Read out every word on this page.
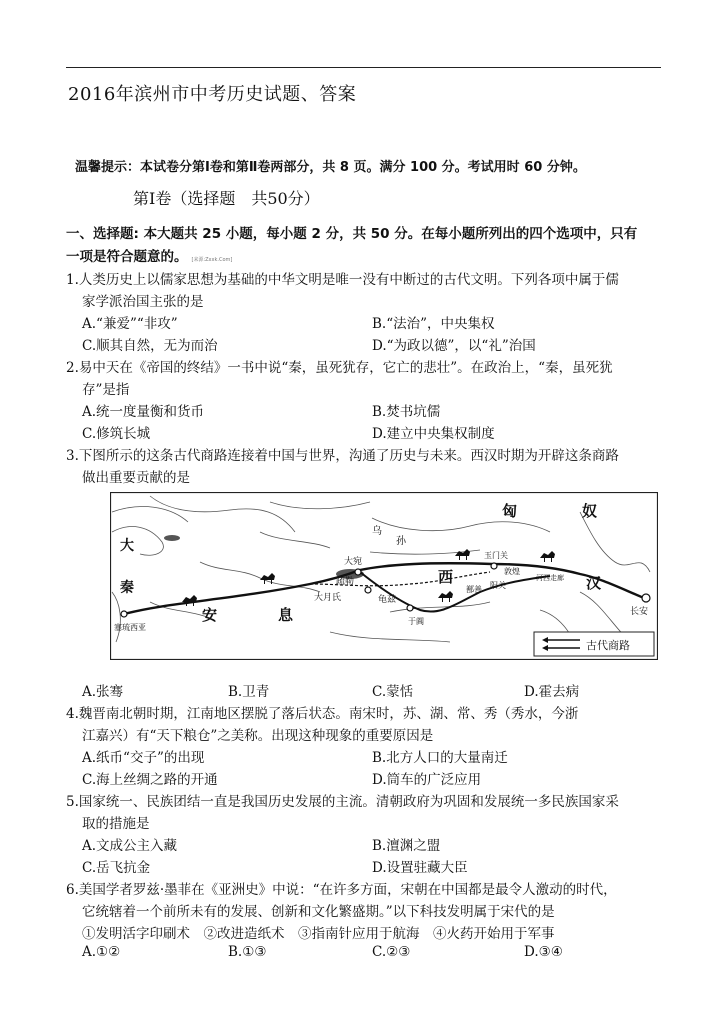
2016年滨州市中考历史试题、答案
温馨提示：本试卷分第Ⅰ卷和第Ⅱ卷两部分，共 8 页。满分 100 分。考试用时 60 分钟。
第Ⅰ卷（选择题　共50分）
一、选择题: 本大题共 25 小题，每小题 2 分，共 50 分。在每小题所列出的四个选项中，只有
一项是符合题意的。 [来源:Zxxk.Com]
1.人类历史上以儒家思想为基础的中华文明是唯一没有中断过的古代文明。下列各项中属于儒
家学派治国主张的是
A.“兼爱”“非攻”	B.“法治”，中央集权
C.顺其自然，无为而治	D.“为政以德”，以“礼”治国
2.易中天在《帝国的终结》一书中说“秦，虽死犹存，它亡的悲壮”。在政治上，“秦，虽死犹
存”是指
A.统一度量衡和货币	B.焚书坑儒
C.修筑长城	D.建立中央集权制度
3.下图所示的这条古代商路连接着中国与世界，沟通了历史与未来。西汉时期为开辟这条商路
做出重要贡献的是
匈	奴
乌
孙
大
秦
安	息
大宛
疏勒
大月氏	龟兹
西
玉门关
敦煌
阳关
鄯善
于阗
河西走廊 汉
长安
塞琉西亚
古代商路
A.张骞	B.卫青	C.蒙恬	D.霍去病
4.魏晋南北朝时期，江南地区摆脱了落后状态。南宋时，苏、湖、常、秀（秀水，今浙
江嘉兴）有“天下粮仓”之美称。出现这种现象的重要原因是
A.纸币“交子”的出现	B.北方人口的大量南迁
C.海上丝绸之路的开通	D.筒车的广泛应用
5.国家统一、民族团结一直是我国历史发展的主流。清朝政府为巩固和发展统一多民族国家采
取的措施是
A.文成公主入藏	B.澶渊之盟
C.岳飞抗金	D.设置驻藏大臣
6.美国学者罗兹·墨菲在《亚洲史》中说：“在许多方面，宋朝在中国都是最令人激动的时代，
它统辖着一个前所未有的发展、创新和文化繁盛期。”以下科技发明属于宋代的是
①发明活字印刷术　②改进造纸术　③指南针应用于航海　④火药开始用于军事
A.①②	B.①③	C.②③	D.③④
